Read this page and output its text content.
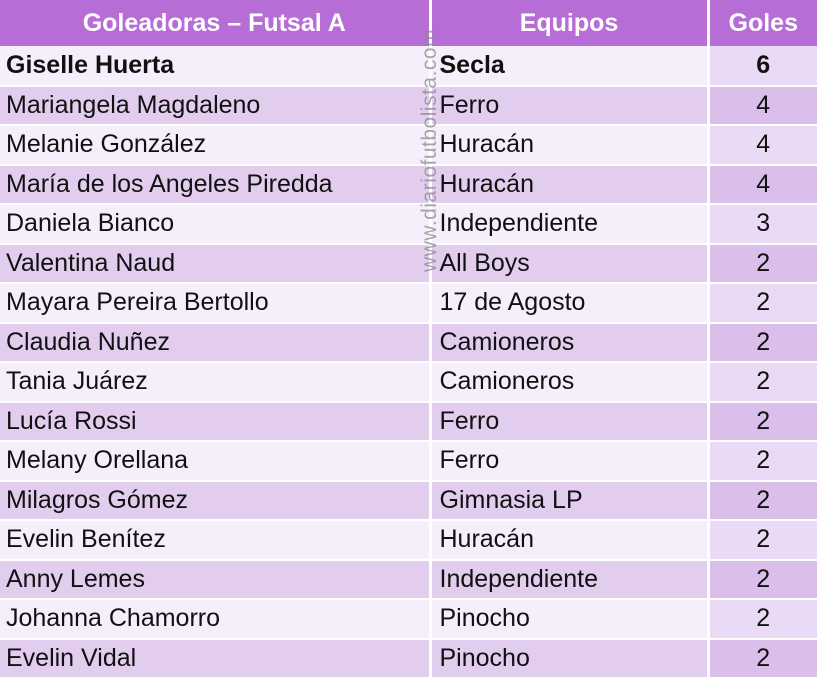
Goleadoras – Futsal A	Equipos	Goles
Giselle Huerta	Secla	6
Mariangela Magdaleno	Ferro	4
Melanie González	Huracán	4
María de los Angeles Piredda	Huracán	4
Daniela Bianco	Independiente	3
Valentina Naud	All Boys	2
Mayara Pereira Bertollo	17 de Agosto	2
Claudia Nuñez	Camioneros	2
Tania Juárez	Camioneros	2
Lucía Rossi	Ferro	2
Melany Orellana	Ferro	2
Milagros Gómez	Gimnasia LP	2
Evelin Benítez	Huracán	2
Anny Lemes	Independiente	2
Johanna Chamorro	Pinocho	2
Evelin Vidal	Pinocho	2
www.diariofutbolista.com
